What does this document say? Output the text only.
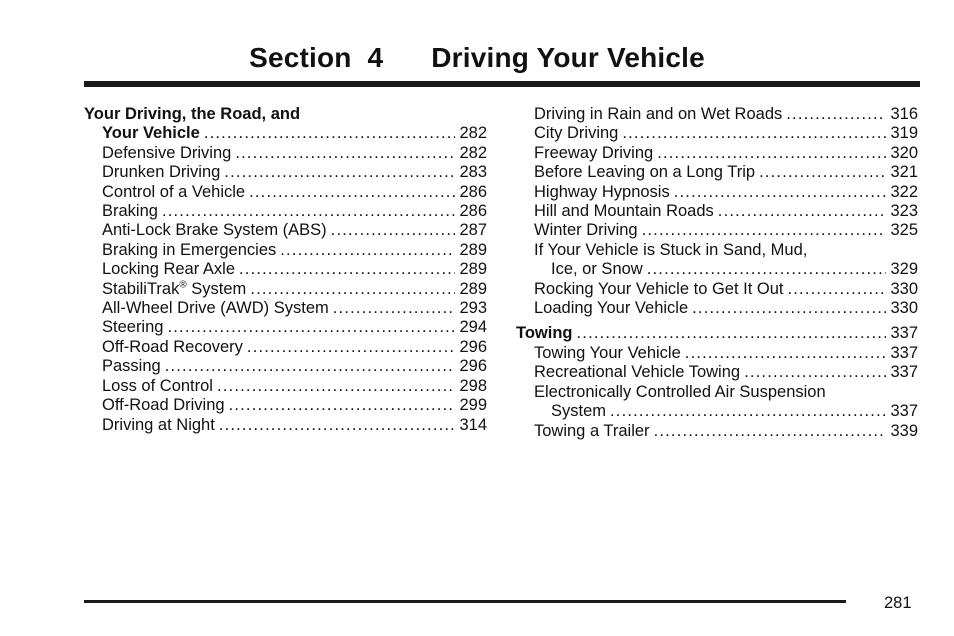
Section  4      Driving Your Vehicle
Your Driving, the Road, and
Your Vehicle .....	282
Defensive Driving .....	282
Drunken Driving .....	283
Control of a Vehicle .....	286
Braking .....	286
Anti-Lock Brake System (ABS) .....	287
Braking in Emergencies .....	289
Locking Rear Axle .....	289
StabiliTrak® System .....	289
All-Wheel Drive (AWD) System .....	293
Steering .....	294
Off-Road Recovery .....	296
Passing .....	296
Loss of Control .....	298
Off-Road Driving .....	299
Driving at Night .....	314
Driving in Rain and on Wet Roads .....	316
City Driving .....	319
Freeway Driving .....	320
Before Leaving on a Long Trip .....	321
Highway Hypnosis .....	322
Hill and Mountain Roads .....	323
Winter Driving .....	325
If Your Vehicle is Stuck in Sand, Mud,
Ice, or Snow .....	329
Rocking Your Vehicle to Get It Out .....	330
Loading Your Vehicle .....	330
Towing .....	337
Towing Your Vehicle .....	337
Recreational Vehicle Towing .....	337
Electronically Controlled Air Suspension
System .....	337
Towing a Trailer .....	339
281
